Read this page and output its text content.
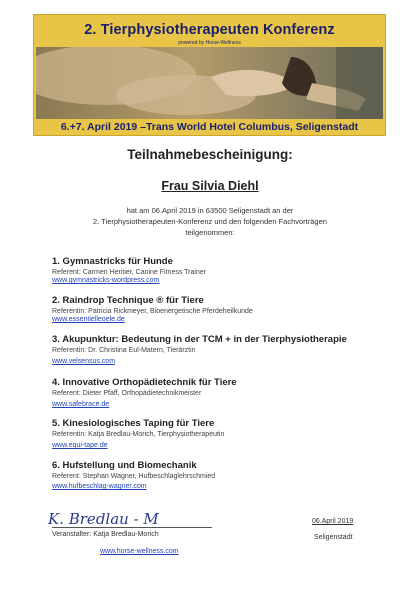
2. Tierphysiotherapeuten Konferenz
powered by Horse-Wellness
6.+7. April 2019 –Trans World Hotel Columbus, Seligenstadt
Teilnahmebescheinigung:
Frau Silvia Diehl
hat am 06.April 2019 in 63500 Seligenstadt an der
2. Tierphysiotherapeuten-Konferenz und den folgenden Fachvorträgen
teilgenommen:
1. Gymnastricks für Hunde
Referent: Carmen Heritier, Canine Fitness Trainer
www.gymnastricks-wordpress.com
2. Raindrop Technique ® für Tiere
Referentin: Patricia Rickmeyer, Bioenergetische Pferdeheilkunde
www.essentielleoele.de
3. Akupunktur: Bedeutung in der TCM + in der Tierphysiotherapie
Referentin: Dr. Christina Eul-Matern, Tierärztin
www.velsensus.com
4. Innovative Orthopädietechnik für Tiere
Referent: Dieter Pfaff, Orthopädietechnikmeister
www.safebrace.de
5. Kinesiologisches Taping für Tiere
Referentin: Katja Bredlau-Morich, Tierphysiotherapeutin
www.equi-tape.de
6. Hufstellung und Biomechanik
Referent: Stephan Wagner, Hufbeschlaglehrschmied
www.hufbeschlag-wagner.com
K. Bredlau - M
Veranstalter: Katja Bredlau-Morich
www.horse-wellness.com
06.April 2019
Seligenstadt
